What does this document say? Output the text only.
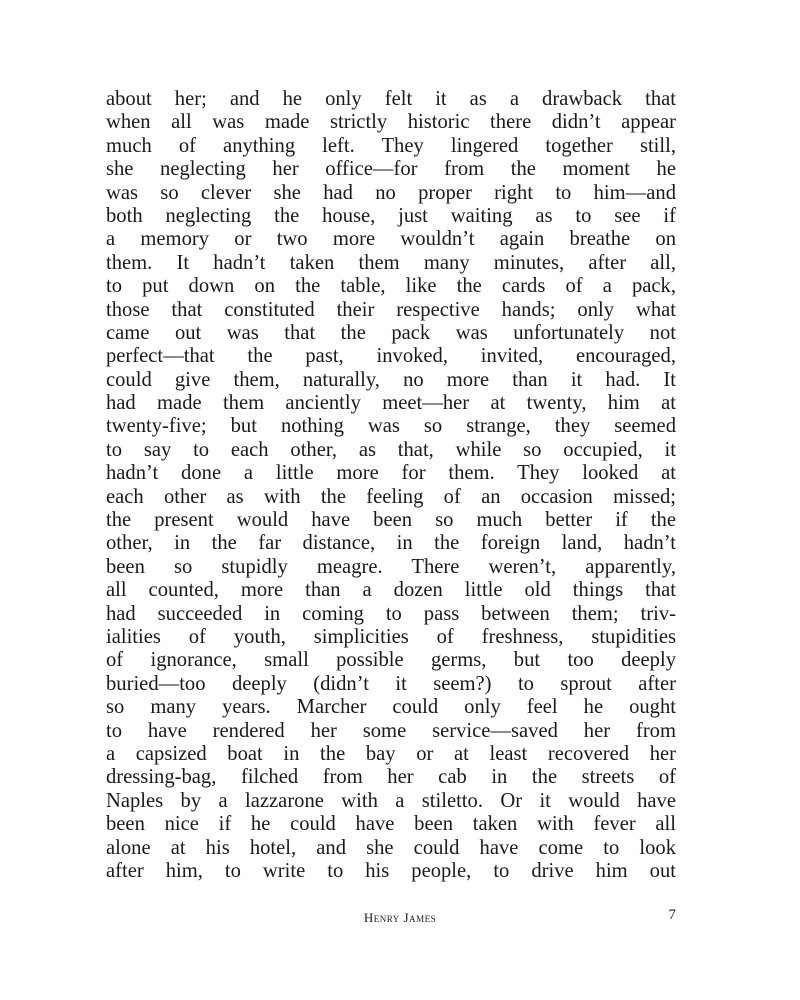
about her; and he only felt it as a drawback that
when all was made strictly historic there didn’t appear
much of anything left. They lingered together still,
she neglecting her office—for from the moment he
was so clever she had no proper right to him—and
both neglecting the house, just waiting as to see if
a memory or two more wouldn’t again breathe on
them. It hadn’t taken them many minutes, after all,
to put down on the table, like the cards of a pack,
those that constituted their respective hands; only what
came out was that the pack was unfortunately not
perfect—that the past, invoked, invited, encouraged,
could give them, naturally, no more than it had. It
had made them anciently meet—her at twenty, him at
twenty-five; but nothing was so strange, they seemed
to say to each other, as that, while so occupied, it
hadn’t done a little more for them. They looked at
each other as with the feeling of an occasion missed;
the present would have been so much better if the
other, in the far distance, in the foreign land, hadn’t
been so stupidly meagre. There weren’t, apparently,
all counted, more than a dozen little old things that
had succeeded in coming to pass between them; triv-
ialities of youth, simplicities of freshness, stupidities
of ignorance, small possible germs, but too deeply
buried—too deeply (didn’t it seem?) to sprout after
so many years. Marcher could only feel he ought
to have rendered her some service—saved her from
a capsized boat in the bay or at least recovered her
dressing-bag, filched from her cab in the streets of
Naples by a lazzarone with a stiletto. Or it would have
been nice if he could have been taken with fever all
alone at his hotel, and she could have come to look
after him, to write to his people, to drive him out
Henry James	7
